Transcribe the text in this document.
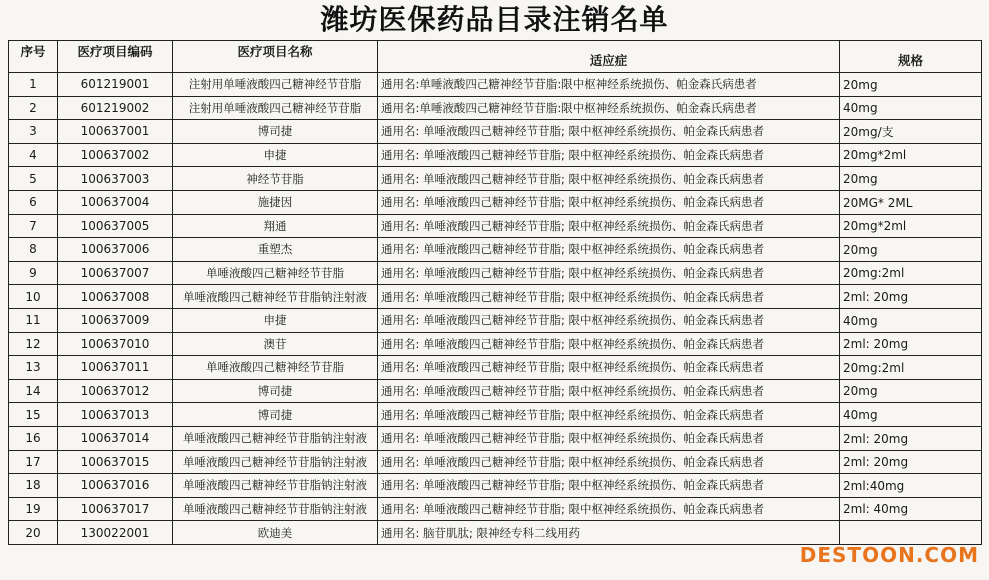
潍坊医保药品目录注销名单
序号	医疗项目编码	医疗项目名称	适应症	规格
1	601219001	注射用单唾液酸四己糖神经节苷脂	通用名:单唾液酸四己糖神经节苷脂:限中枢神经系统损伤、帕金森氏病患者	20mg
2	601219002	注射用单唾液酸四己糖神经节苷脂	通用名:单唾液酸四己糖神经节苷脂:限中枢神经系统损伤、帕金森氏病患者	40mg
3	100637001	博司捷	通用名: 单唾液酸四己糖神经节苷脂; 限中枢神经系统损伤、帕金森氏病患者	20mg/支
4	100637002	申捷	通用名: 单唾液酸四己糖神经节苷脂; 限中枢神经系统损伤、帕金森氏病患者	20mg*2ml
5	100637003	神经节苷脂	通用名: 单唾液酸四己糖神经节苷脂; 限中枢神经系统损伤、帕金森氏病患者	20mg
6	100637004	施捷因	通用名: 单唾液酸四己糖神经节苷脂; 限中枢神经系统损伤、帕金森氏病患者	20MG* 2ML
7	100637005	翔通	通用名: 单唾液酸四己糖神经节苷脂; 限中枢神经系统损伤、帕金森氏病患者	20mg*2ml
8	100637006	重塑杰	通用名: 单唾液酸四己糖神经节苷脂; 限中枢神经系统损伤、帕金森氏病患者	20mg
9	100637007	单唾液酸四己糖神经节苷脂	通用名: 单唾液酸四己糖神经节苷脂; 限中枢神经系统损伤、帕金森氏病患者	20mg:2ml
10	100637008	单唾液酸四己糖神经节苷脂钠注射液	通用名: 单唾液酸四己糖神经节苷脂; 限中枢神经系统损伤、帕金森氏病患者	2ml: 20mg
11	100637009	申捷	通用名: 单唾液酸四己糖神经节苷脂; 限中枢神经系统损伤、帕金森氏病患者	40mg
12	100637010	澳苷	通用名: 单唾液酸四己糖神经节苷脂; 限中枢神经系统损伤、帕金森氏病患者	2ml: 20mg
13	100637011	单唾液酸四己糖神经节苷脂	通用名: 单唾液酸四己糖神经节苷脂; 限中枢神经系统损伤、帕金森氏病患者	20mg:2ml
14	100637012	博司捷	通用名: 单唾液酸四己糖神经节苷脂; 限中枢神经系统损伤、帕金森氏病患者	20mg
15	100637013	博司捷	通用名: 单唾液酸四己糖神经节苷脂; 限中枢神经系统损伤、帕金森氏病患者	40mg
16	100637014	单唾液酸四己糖神经节苷脂钠注射液	通用名: 单唾液酸四己糖神经节苷脂; 限中枢神经系统损伤、帕金森氏病患者	2ml: 20mg
17	100637015	单唾液酸四己糖神经节苷脂钠注射液	通用名: 单唾液酸四己糖神经节苷脂; 限中枢神经系统损伤、帕金森氏病患者	2ml: 20mg
18	100637016	单唾液酸四己糖神经节苷脂钠注射液	通用名: 单唾液酸四己糖神经节苷脂; 限中枢神经系统损伤、帕金森氏病患者	2ml:40mg
19	100637017	单唾液酸四己糖神经节苷脂钠注射液	通用名: 单唾液酸四己糖神经节苷脂; 限中枢神经系统损伤、帕金森氏病患者	2ml: 40mg
20	130022001	欧迪美	通用名: 脑苷肌肽; 限神经专科二线用药	
DESTOON.COM
